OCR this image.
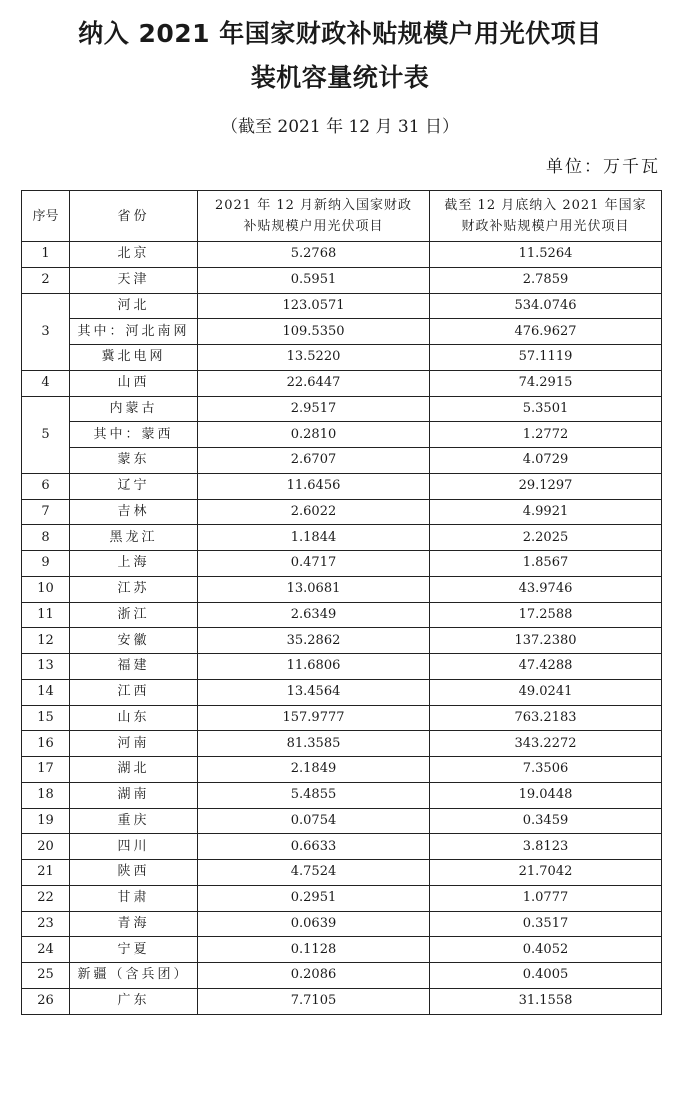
纳入 2021 年国家财政补贴规模户用光伏项目
装机容量统计表
（截至 2021 年 12 月 31 日）
单位：万千瓦
序号	省份	2021 年 12 月新纳入国家财政补贴规模户用光伏项目	截至 12 月底纳入 2021 年国家财政补贴规模户用光伏项目
1	北京	5.2768	11.5264
2	天津	0.5951	2.7859
3	河北	123.0571	534.0746
	其中：河北南网	109.5350	476.9627
	冀北电网	13.5220	57.1119
4	山西	22.6447	74.2915
5	内蒙古	2.9517	5.3501
	其中：蒙西	0.2810	1.2772
	蒙东	2.6707	4.0729
6	辽宁	11.6456	29.1297
7	吉林	2.6022	4.9921
8	黑龙江	1.1844	2.2025
9	上海	0.4717	1.8567
10	江苏	13.0681	43.9746
11	浙江	2.6349	17.2588
12	安徽	35.2862	137.2380
13	福建	11.6806	47.4288
14	江西	13.4564	49.0241
15	山东	157.9777	763.2183
16	河南	81.3585	343.2272
17	湖北	2.1849	7.3506
18	湖南	5.4855	19.0448
19	重庆	0.0754	0.3459
20	四川	0.6633	3.8123
21	陕西	4.7524	21.7042
22	甘肃	0.2951	1.0777
23	青海	0.0639	0.3517
24	宁夏	0.1128	0.4052
25	新疆（含兵团）	0.2086	0.4005
26	广东	7.7105	31.1558
